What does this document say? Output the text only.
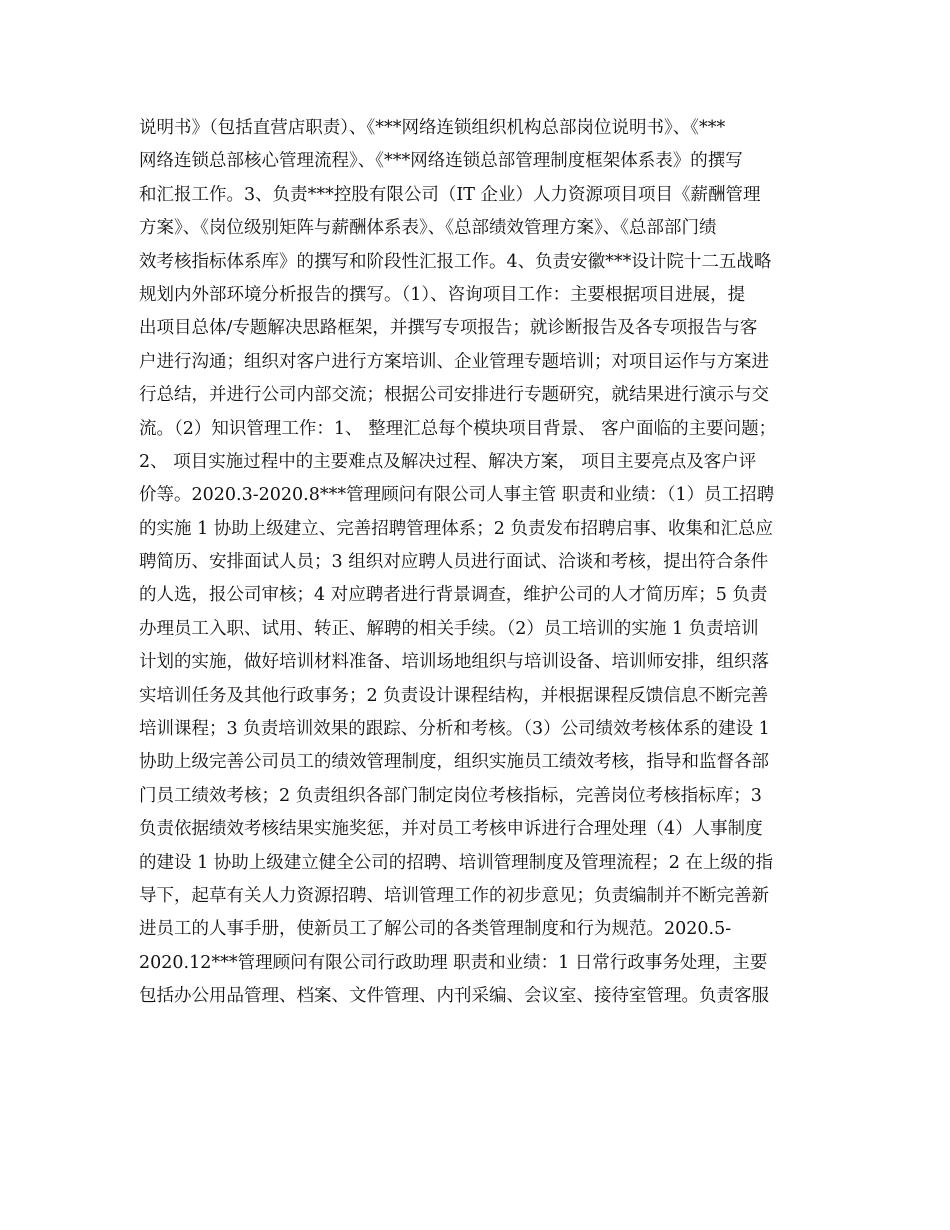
说明书》（包括直营店职责）、《***网络连锁组织机构总部岗位说明书》、《***
网络连锁总部核心管理流程》、《***网络连锁总部管理制度框架体系表》的撰写
和汇报工作。3、负责***控股有限公司（IT 企业）人力资源项目项目《薪酬管理
方案》、《岗位级别矩阵与薪酬体系表》、《总部绩效管理方案》、《总部部门绩
效考核指标体系库》的撰写和阶段性汇报工作。4、负责安徽***设计院十二五战略
规划内外部环境分析报告的撰写。（1）、咨询项目工作：主要根据项目进展，提
出项目总体/专题解决思路框架，并撰写专项报告；就诊断报告及各专项报告与客
户进行沟通；组织对客户进行方案培训、企业管理专题培训；对项目运作与方案进
行总结，并进行公司内部交流；根据公司安排进行专题研究，就结果进行演示与交
流。（2）知识管理工作：1、 整理汇总每个模块项目背景、 客户面临的主要问题；
2、 项目实施过程中的主要难点及解决过程、解决方案， 项目主要亮点及客户评
价等。2020.3-2020.8***管理顾问有限公司人事主管 职责和业绩：（1）员工招聘
的实施 1 协助上级建立、完善招聘管理体系；2 负责发布招聘启事、收集和汇总应
聘简历、安排面试人员；3 组织对应聘人员进行面试、洽谈和考核，提出符合条件
的人选，报公司审核；4 对应聘者进行背景调查，维护公司的人才简历库；5 负责
办理员工入职、试用、转正、解聘的相关手续。（2）员工培训的实施 1 负责培训
计划的实施，做好培训材料准备、培训场地组织与培训设备、培训师安排，组织落
实培训任务及其他行政事务；2 负责设计课程结构，并根据课程反馈信息不断完善
培训课程；3 负责培训效果的跟踪、分析和考核。（3）公司绩效考核体系的建设 1
协助上级完善公司员工的绩效管理制度，组织实施员工绩效考核，指导和监督各部
门员工绩效考核；2 负责组织各部门制定岗位考核指标，完善岗位考核指标库；3
负责依据绩效考核结果实施奖惩，并对员工考核申诉进行合理处理（4）人事制度
的建设 1 协助上级建立健全公司的招聘、培训管理制度及管理流程；2 在上级的指
导下，起草有关人力资源招聘、培训管理工作的初步意见；负责编制并不断完善新
进员工的人事手册，使新员工了解公司的各类管理制度和行为规范。2020.5-
2020.12***管理顾问有限公司行政助理 职责和业绩：1 日常行政事务处理，主要
包括办公用品管理、档案、文件管理、内刊采编、会议室、接待室管理。负责客服
